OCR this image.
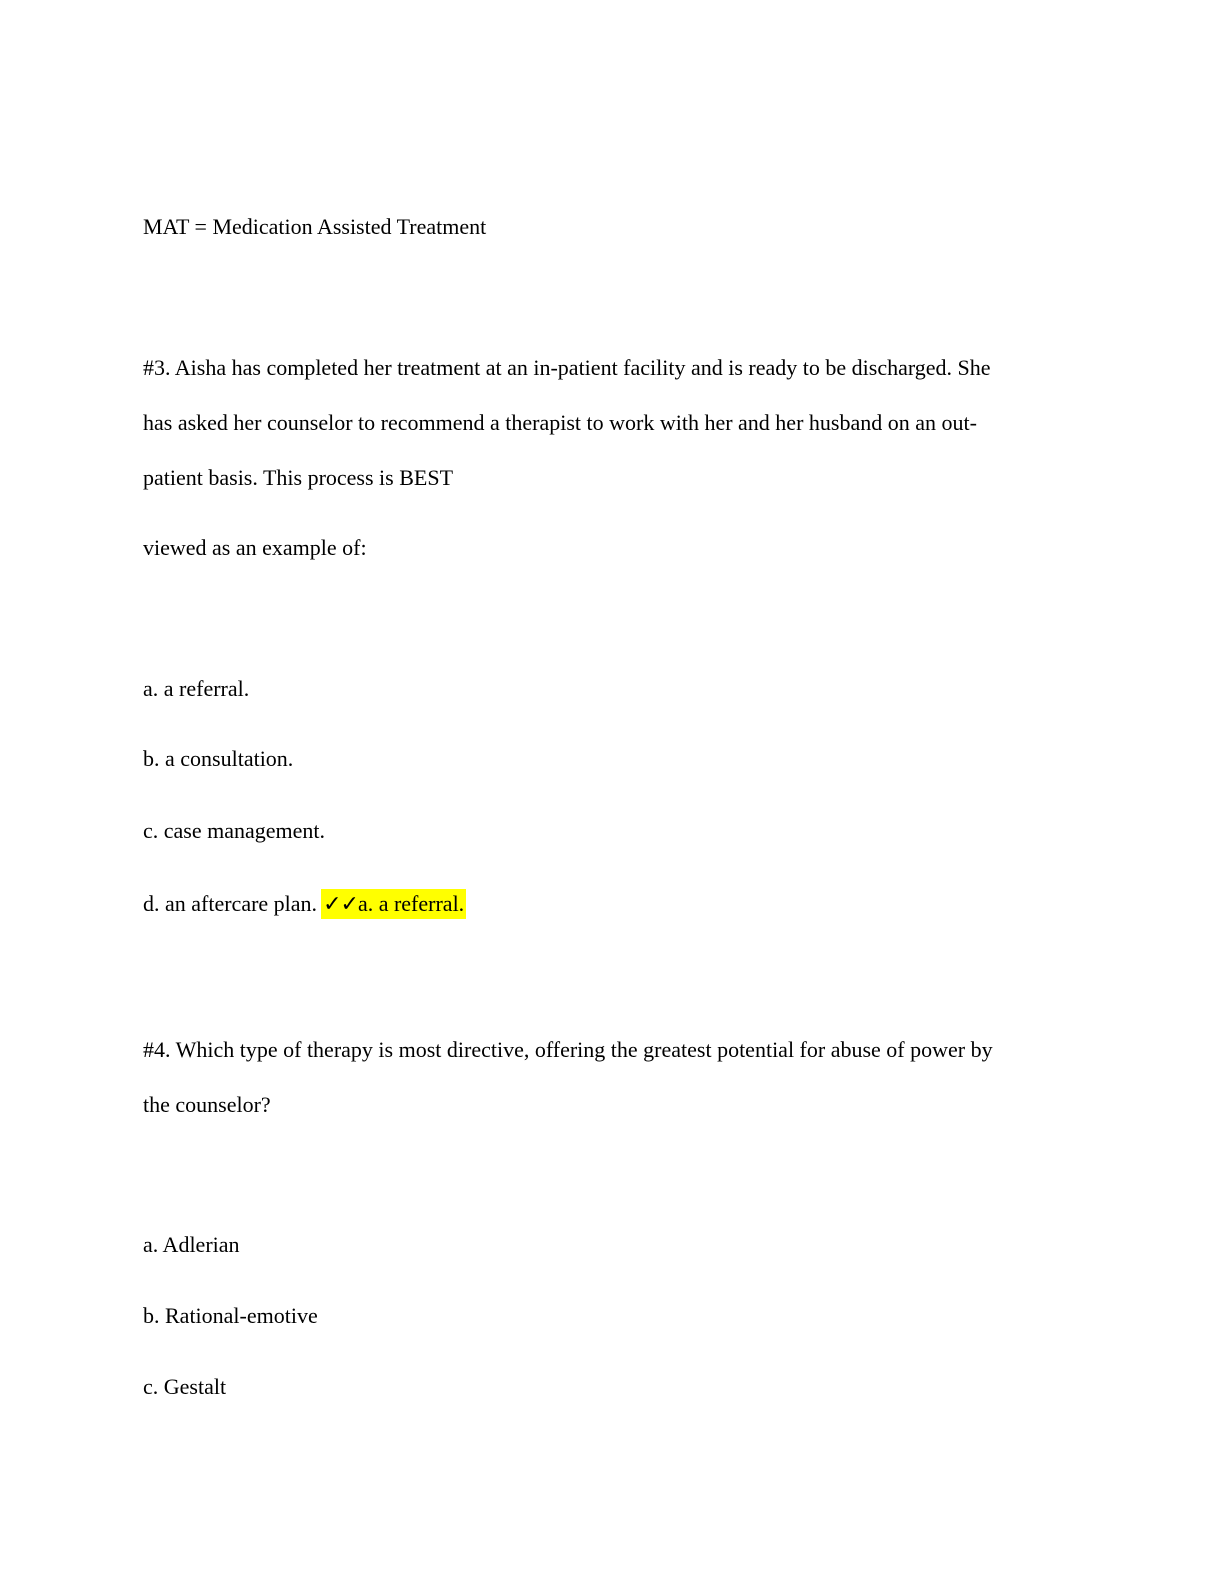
MAT = Medication Assisted Treatment

#3. Aisha has completed her treatment at an in-patient facility and is ready to be discharged. She

has asked her counselor to recommend a therapist to work with her and her husband on an out-

patient basis. This process is BEST

viewed as an example of:

a. a referral.

b. a consultation.

c. case management.

d. an aftercare plan. ✓✓a. a referral.

#4. Which type of therapy is most directive, offering the greatest potential for abuse of power by

the counselor?

a. Adlerian

b. Rational-emotive

c. Gestalt
